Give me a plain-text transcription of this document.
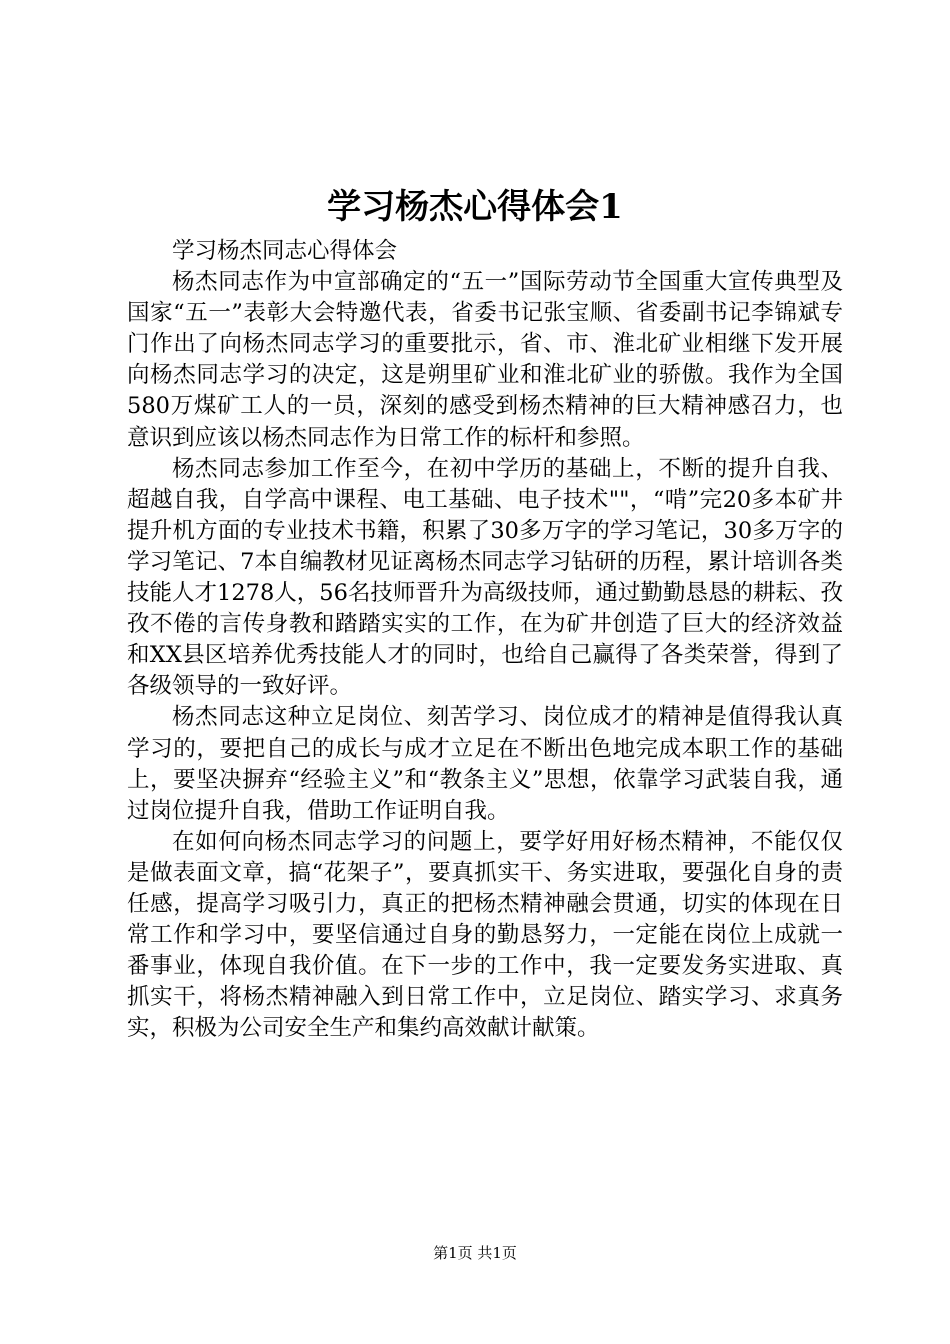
学习杨杰心得体会1

学习杨杰同志心得体会

杨杰同志作为中宣部确定的“五一”国际劳动节全国重大宣传典型及国家“五一”表彰大会特邀代表，省委书记张宝顺、省委副书记李锦斌专门作出了向杨杰同志学习的重要批示，省、市、淮北矿业相继下发开展向杨杰同志学习的决定，这是朔里矿业和淮北矿业的骄傲。我作为全国580万煤矿工人的一员，深刻的感受到杨杰精神的巨大精神感召力，也意识到应该以杨杰同志作为日常工作的标杆和参照。

杨杰同志参加工作至今，在初中学历的基础上，不断的提升自我、超越自我，自学高中课程、电工基础、电子技术""，“啃”完20多本矿井提升机方面的专业技术书籍，积累了30多万字的学习笔记，30多万字的学习笔记、7本自编教材见证离杨杰同志学习钻研的历程，累计培训各类技能人才1278人，56名技师晋升为高级技师，通过勤勤恳恳的耕耘、孜孜不倦的言传身教和踏踏实实的工作，在为矿井创造了巨大的经济效益和XX县区培养优秀技能人才的同时，也给自己赢得了各类荣誉，得到了各级领导的一致好评。

杨杰同志这种立足岗位、刻苦学习、岗位成才的精神是值得我认真学习的，要把自己的成长与成才立足在不断出色地完成本职工作的基础上，要坚决摒弃“经验主义”和“教条主义”思想，依靠学习武装自我，通过岗位提升自我，借助工作证明自我。

在如何向杨杰同志学习的问题上，要学好用好杨杰精神，不能仅仅是做表面文章，搞“花架子”，要真抓实干、务实进取，要强化自身的责任感，提高学习吸引力，真正的把杨杰精神融会贯通，切实的体现在日常工作和学习中，要坚信通过自身的勤恳努力，一定能在岗位上成就一番事业，体现自我价值。在下一步的工作中，我一定要发务实进取、真抓实干，将杨杰精神融入到日常工作中，立足岗位、踏实学习、求真务实，积极为公司安全生产和集约高效献计献策。

第1页 共1页
